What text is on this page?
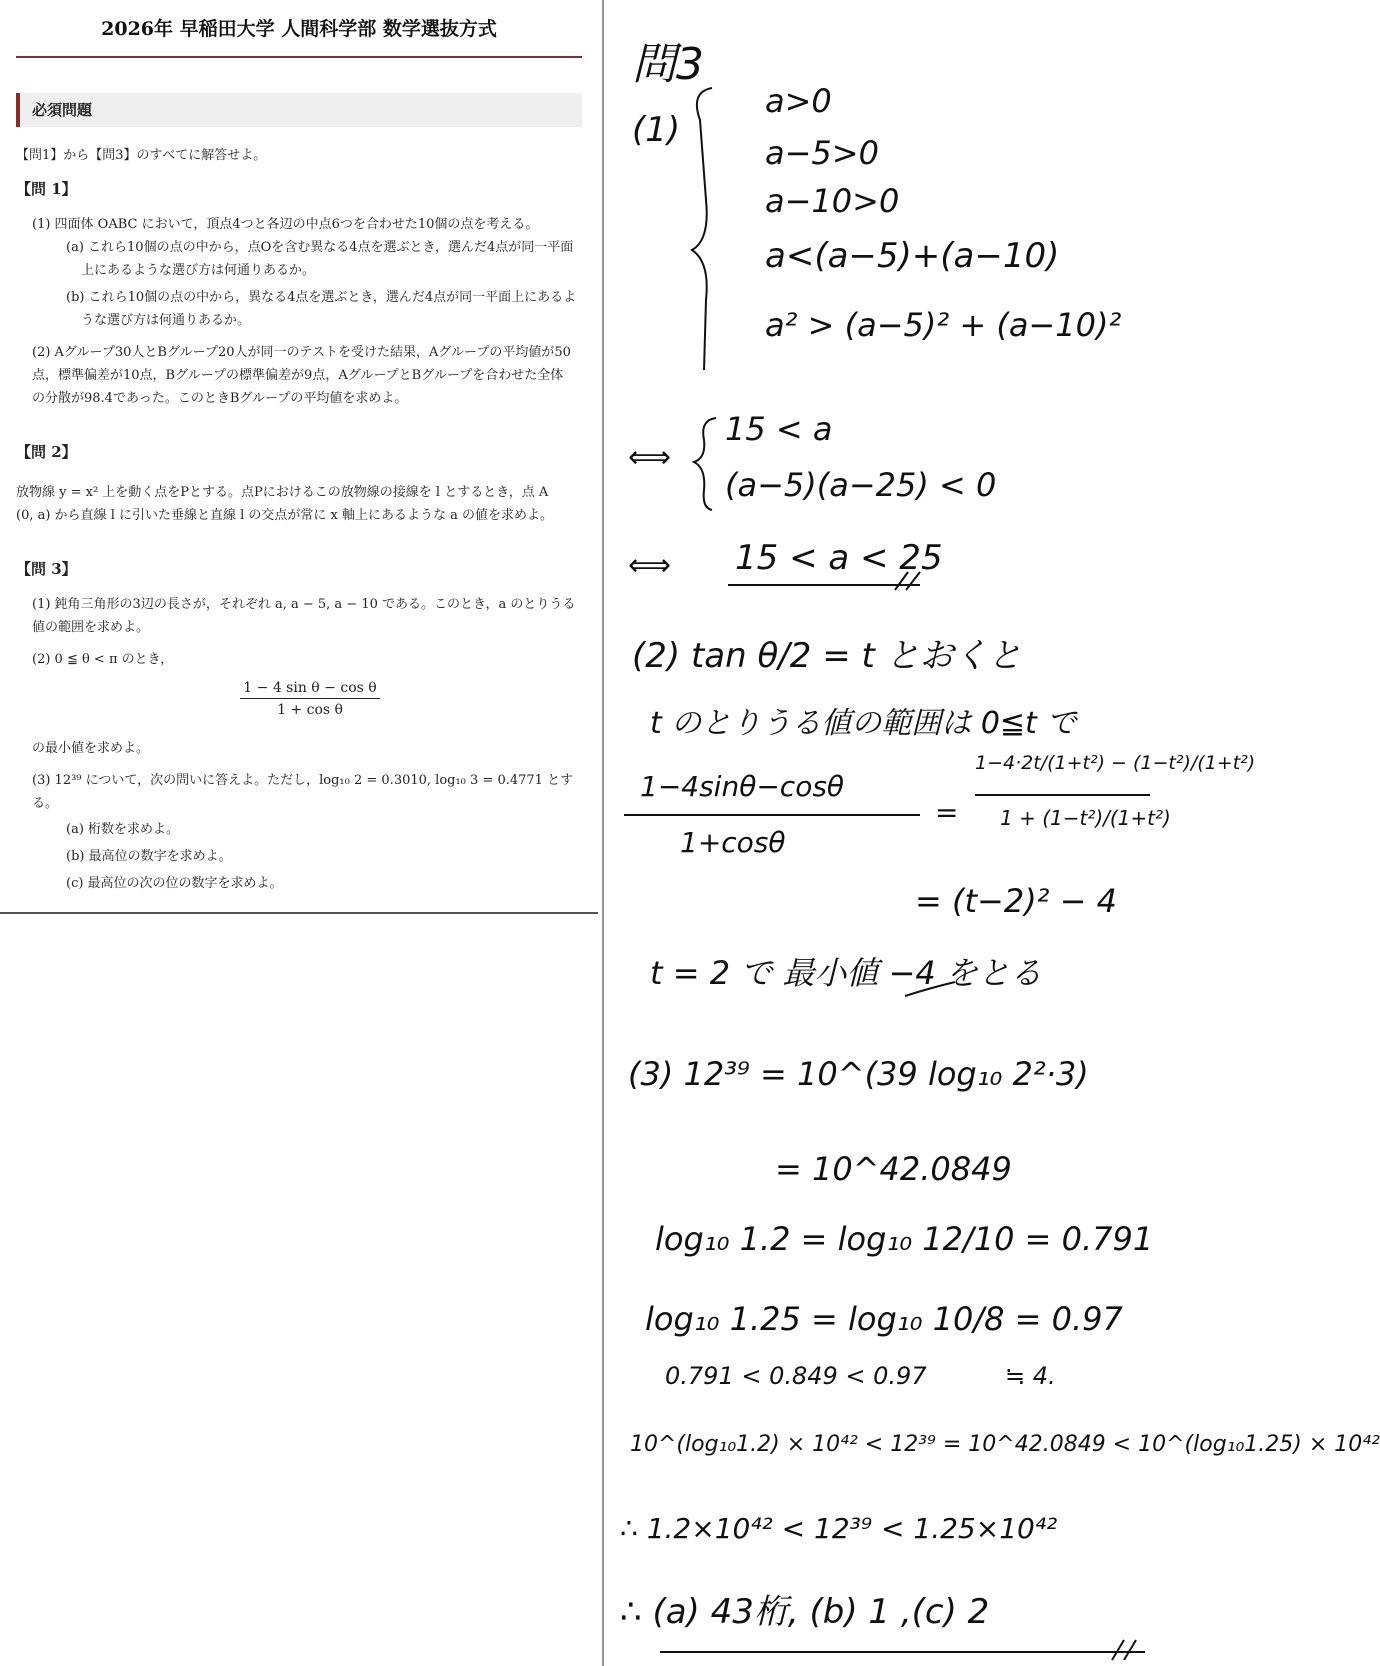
2026年 早稲田大学 人間科学部 数学選抜方式
必須問題

【問1】から【問3】のすべてに解答せよ。

【問 1】

(1) 四面体 OABC において，頂点4つと各辺の中点6つを合わせた10個の点を考える。

(a) これら10個の点の中から，点Oを含む異なる4点を選ぶとき，選んだ4点が同一平面

上にあるような選び方は何通りあるか。

(b) これら10個の点の中から，異なる4点を選ぶとき，選んだ4点が同一平面上にあるよ

うな選び方は何通りあるか。

(2) Aグループ30人とBグループ20人が同一のテストを受けた結果，Aグループの平均値が50

点，標準偏差が10点，Bグループの標準偏差が9点，AグループとBグループを合わせた全体

の分散が98.4であった。このときBグループの平均値を求めよ。

【問 2】

放物線 y = x² 上を動く点をPとする。点Pにおけるこの放物線の接線を l とするとき，点 A

(0, a) から直線 l に引いた垂線と直線 l の交点が常に x 軸上にあるような a の値を求めよ。

【問 3】

(1) 鈍角三角形の3辺の長さが，それぞれ a, a − 5, a − 10 である。このとき，a のとりうる

値の範囲を求めよ。

(2) 0 ≦ θ < π のとき，

$\frac{\text{1 − 4 sin θ − cos θ}}{\text{1 + cos θ}}$

の最小値を求めよ。

(3) 12³⁹ について，次の問いに答えよ。ただし，log₁₀ 2 = 0.3010, log₁₀ 3 = 0.4771 とす

る。

(a) 桁数を求めよ。

(b) 最高位の数字を求めよ。

(c) 最高位の次の位の数字を求めよ。

問3

(1)

a>0

a−5>0

a−10>0

a<(a−5)+(a−10)

a² > (a−5)² + (a−10)²

⟺

15 < a

(a−5)(a−25) < 0

⟺ 15 < a < 25

(2) tan θ/2 = t とおくと

t のとりうる値の範囲は 0≦t で

1−4sinθ−cosθ

1+cosθ

=

1−4·2t/(1+t²) − (1−t²)/(1+t²)

1 + (1−t²)/(1+t²)

= (t−2)² − 4

t = 2 で 最小値 −4 をとる

(3) 12³⁹ = 10^(39 log₁₀ 2²·3)

= 10^42.0849

log₁₀ 1.2 = log₁₀ 12/10 = 0.791

log₁₀ 1.25 = log₁₀ 10/8 = 0.97

0.791 < 0.849 < 0.97	≒ 4.

10^(log₁₀1.2) × 10⁴² < 12³⁹ = 10^42.0849 < 10^(log₁₀1.25) × 10⁴²

∴ 1.2×10⁴² < 12³⁹ < 1.25×10⁴²

∴ (a) 43桁, (b) 1 ,(c) 2
